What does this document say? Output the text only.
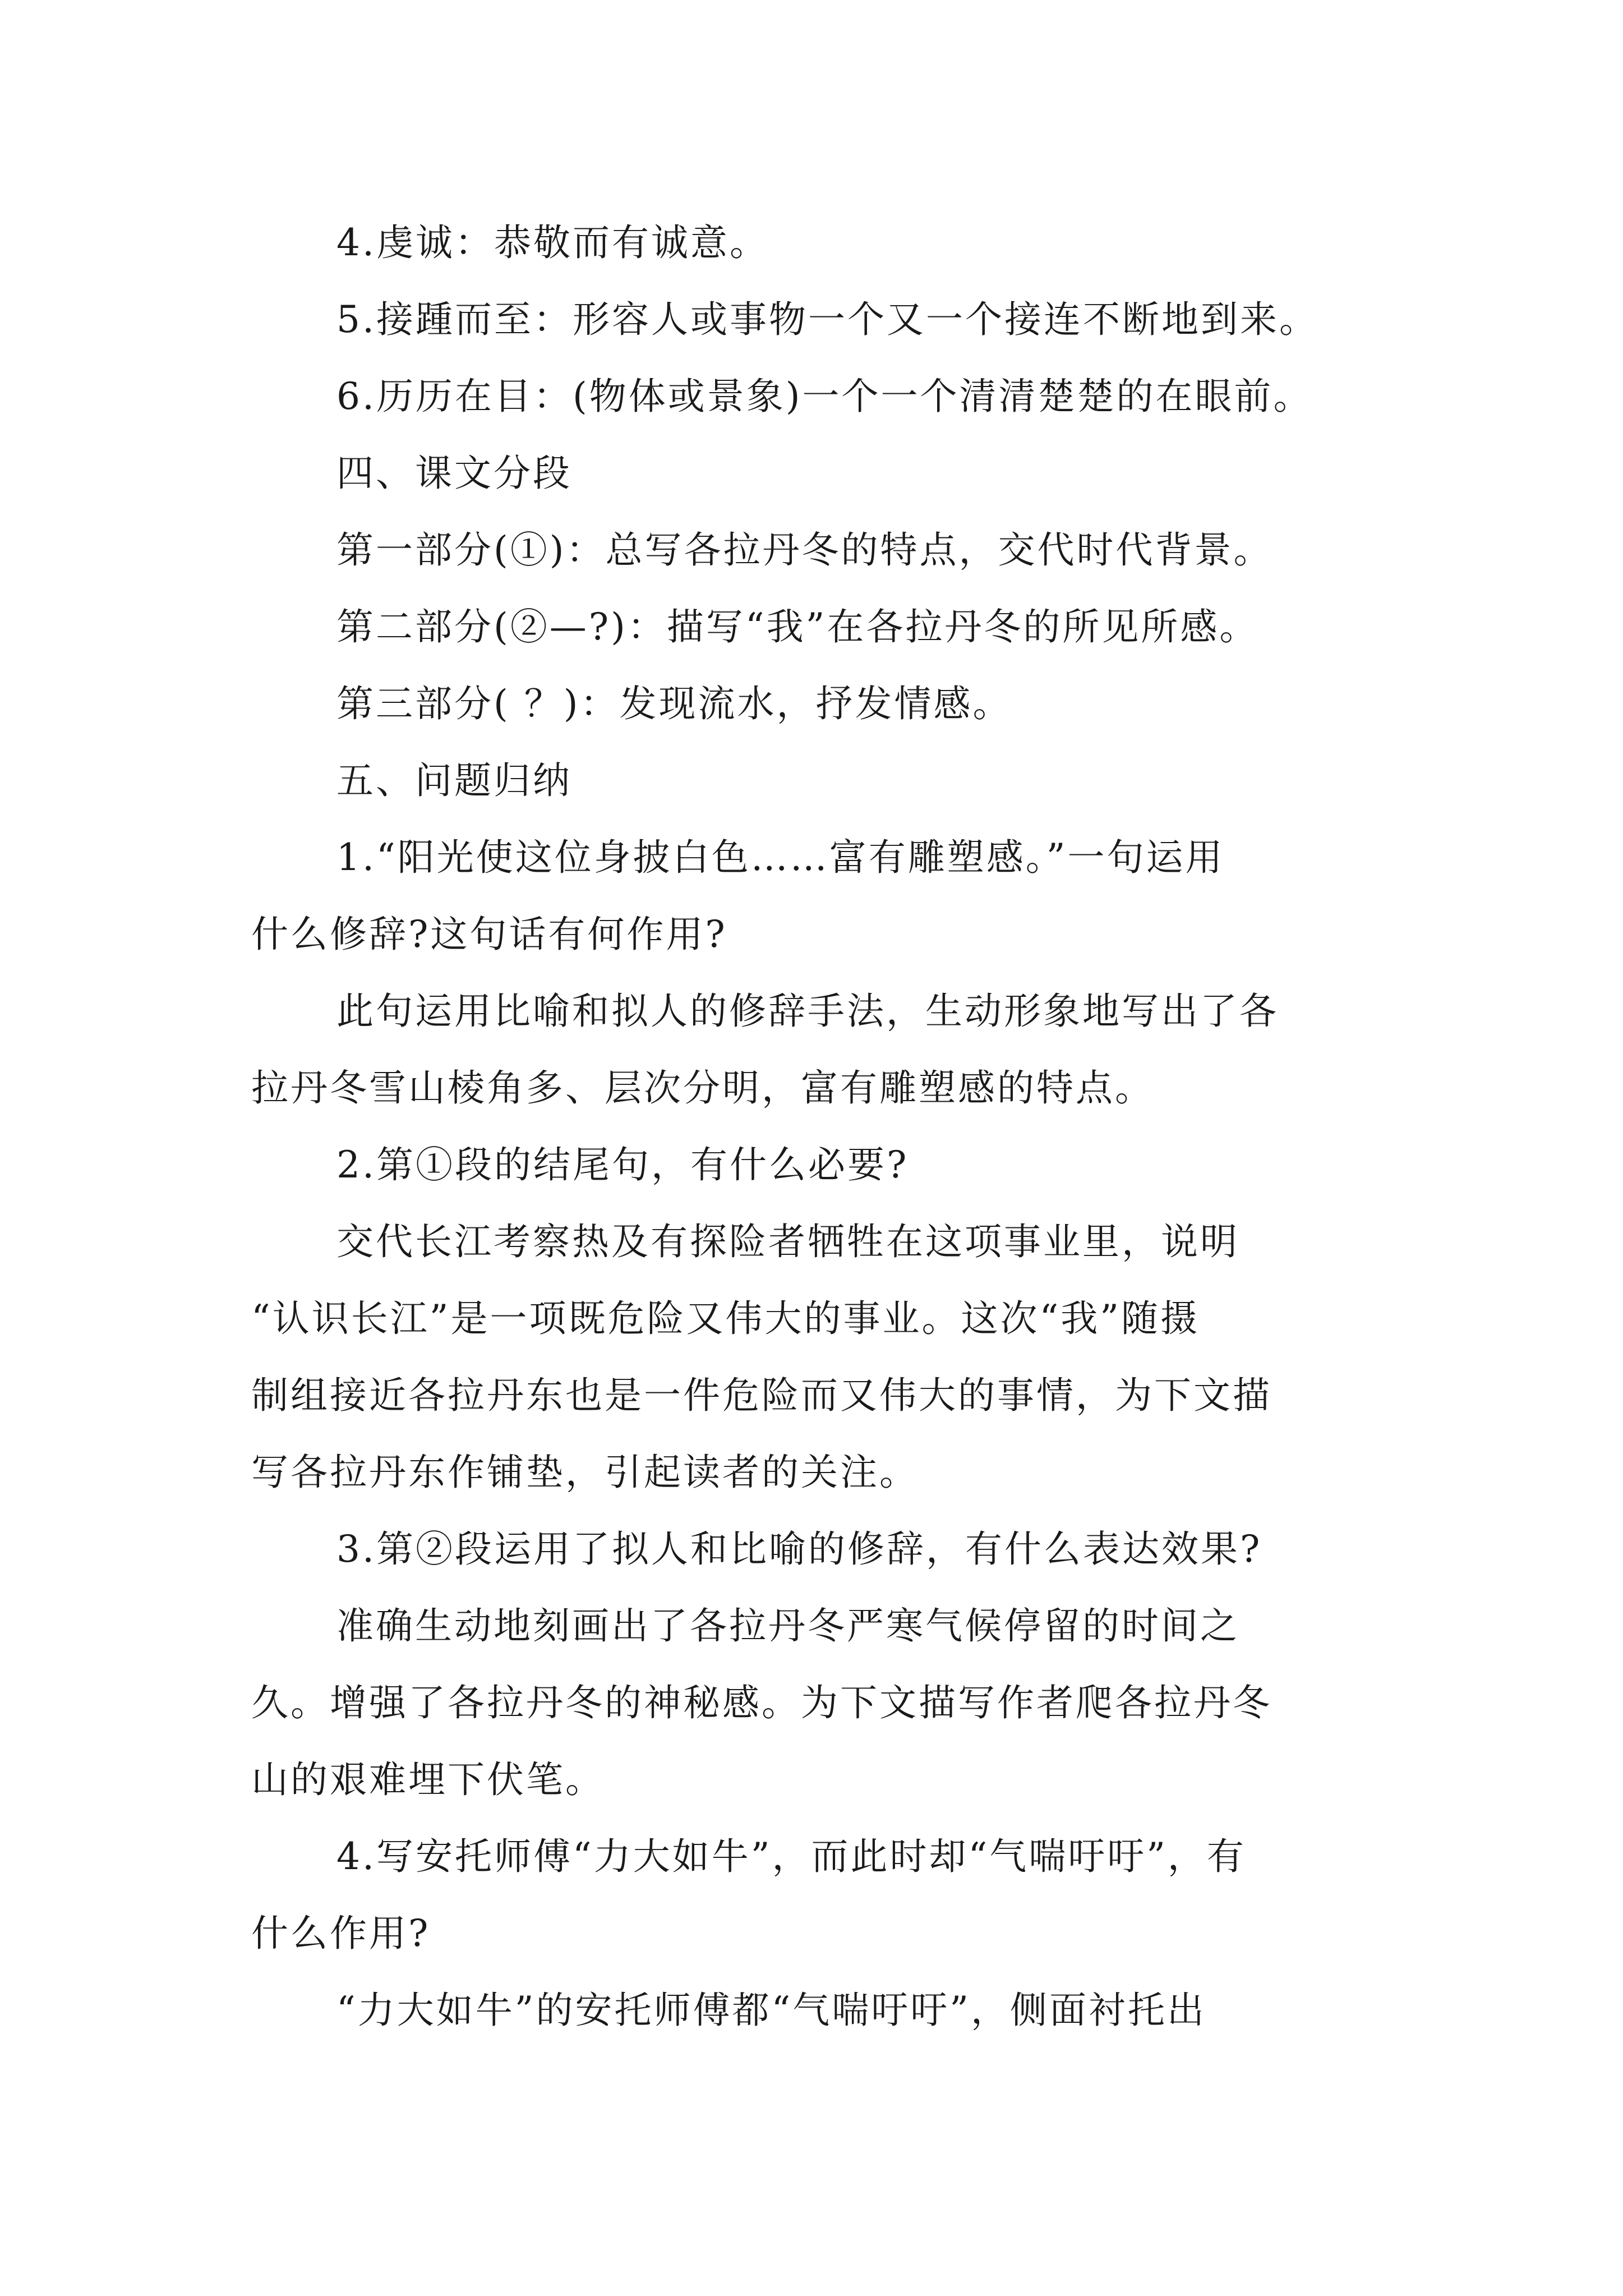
4.虔诚：恭敬而有诚意。

5.接踵而至：形容人或事物一个又一个接连不断地到来。

6.历历在目：(物体或景象)一个一个清清楚楚的在眼前。

四、课文分段

第一部分(①)：总写各拉丹冬的特点，交代时代背景。

第二部分(②—?)：描写“我”在各拉丹冬的所见所感。

第三部分( ？)：发现流水，抒发情感。

五、问题归纳

1.“阳光使这位身披白色……富有雕塑感。”一句运用

什么修辞?这句话有何作用?

此句运用比喻和拟人的修辞手法，生动形象地写出了各

拉丹冬雪山棱角多、层次分明，富有雕塑感的特点。

2.第①段的结尾句，有什么必要?

交代长江考察热及有探险者牺牲在这项事业里，说明

“认识长江”是一项既危险又伟大的事业。这次“我”随摄

制组接近各拉丹东也是一件危险而又伟大的事情，为下文描

写各拉丹东作铺垫，引起读者的关注。

3.第②段运用了拟人和比喻的修辞，有什么表达效果?

准确生动地刻画出了各拉丹冬严寒气候停留的时间之

久。增强了各拉丹冬的神秘感。为下文描写作者爬各拉丹冬

山的艰难埋下伏笔。

4.写安托师傅“力大如牛”，而此时却“气喘吁吁”，有

什么作用?

“力大如牛”的安托师傅都“气喘吁吁”，侧面衬托出
